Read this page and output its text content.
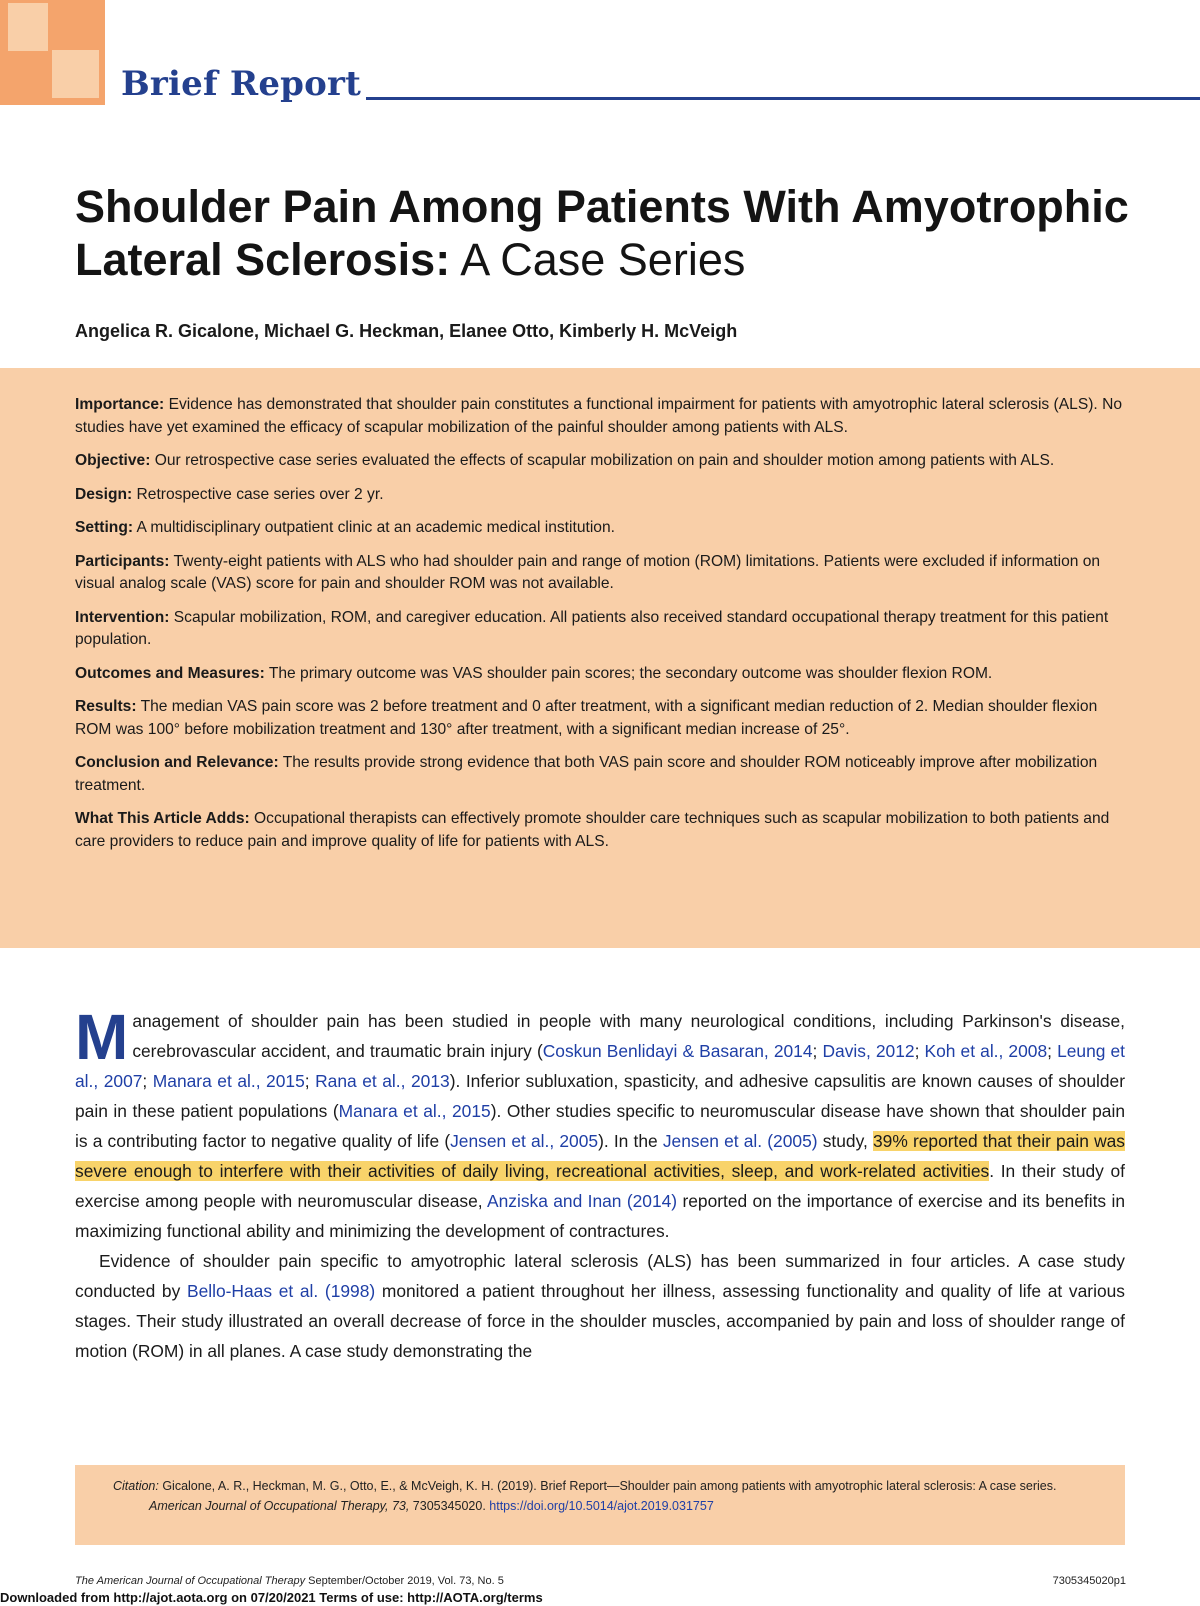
Brief Report
Shoulder Pain Among Patients With Amyotrophic Lateral Sclerosis: A Case Series

Angelica R. Gicalone, Michael G. Heckman, Elanee Otto, Kimberly H. McVeigh

Importance: Evidence has demonstrated that shoulder pain constitutes a functional impairment for patients with amyotrophic lateral sclerosis (ALS). No studies have yet examined the efficacy of scapular mobilization of the painful shoulder among patients with ALS.

Objective: Our retrospective case series evaluated the effects of scapular mobilization on pain and shoulder motion among patients with ALS.

Design: Retrospective case series over 2 yr.

Setting: A multidisciplinary outpatient clinic at an academic medical institution.

Participants: Twenty-eight patients with ALS who had shoulder pain and range of motion (ROM) limitations. Patients were excluded if information on visual analog scale (VAS) score for pain and shoulder ROM was not available.

Intervention: Scapular mobilization, ROM, and caregiver education. All patients also received standard occupational therapy treatment for this patient population.

Outcomes and Measures: The primary outcome was VAS shoulder pain scores; the secondary outcome was shoulder flexion ROM.

Results: The median VAS pain score was 2 before treatment and 0 after treatment, with a significant median reduction of 2. Median shoulder flexion ROM was 100° before mobilization treatment and 130° after treatment, with a significant median increase of 25°.

Conclusion and Relevance: The results provide strong evidence that both VAS pain score and shoulder ROM noticeably improve after mobilization treatment.

What This Article Adds: Occupational therapists can effectively promote shoulder care techniques such as scapular mobilization to both patients and care providers to reduce pain and improve quality of life for patients with ALS.

Management of shoulder pain has been studied in people with many neurological conditions, including Parkinson's disease, cerebrovascular accident, and traumatic brain injury (Coskun Benlidayi & Basaran, 2014; Davis, 2012; Koh et al., 2008; Leung et al., 2007; Manara et al., 2015; Rana et al., 2013). Inferior subluxation, spasticity, and adhesive capsulitis are known causes of shoulder pain in these patient populations (Manara et al., 2015). Other studies specific to neuromuscular disease have shown that shoulder pain is a contributing factor to negative quality of life (Jensen et al., 2005). In the Jensen et al. (2005) study, 39% reported that their pain was severe enough to interfere with their activities of daily living, recreational activities, sleep, and work-related activities. In their study of exercise among people with neuromuscular disease, Anziska and Inan (2014) reported on the importance of exercise and its benefits in maximizing functional ability and minimizing the development of contractures.

Evidence of shoulder pain specific to amyotrophic lateral sclerosis (ALS) has been summarized in four articles. A case study conducted by Bello-Haas et al. (1998) monitored a patient throughout her illness, assessing functionality and quality of life at various stages. Their study illustrated an overall decrease of force in the shoulder muscles, accompanied by pain and loss of shoulder range of motion (ROM) in all planes. A case study demonstrating the

Citation: Gicalone, A. R., Heckman, M. G., Otto, E., & McVeigh, K. H. (2019). Brief Report—Shoulder pain among patients with amyotrophic lateral sclerosis: A case series. American Journal of Occupational Therapy, 73, 7305345020. https://doi.org/10.5014/ajot.2019.031757
The American Journal of Occupational Therapy September/October 2019, Vol. 73, No. 5	7305345020p1
Downloaded from http://ajot.aota.org on 07/20/2021 Terms of use: http://AOTA.org/terms
